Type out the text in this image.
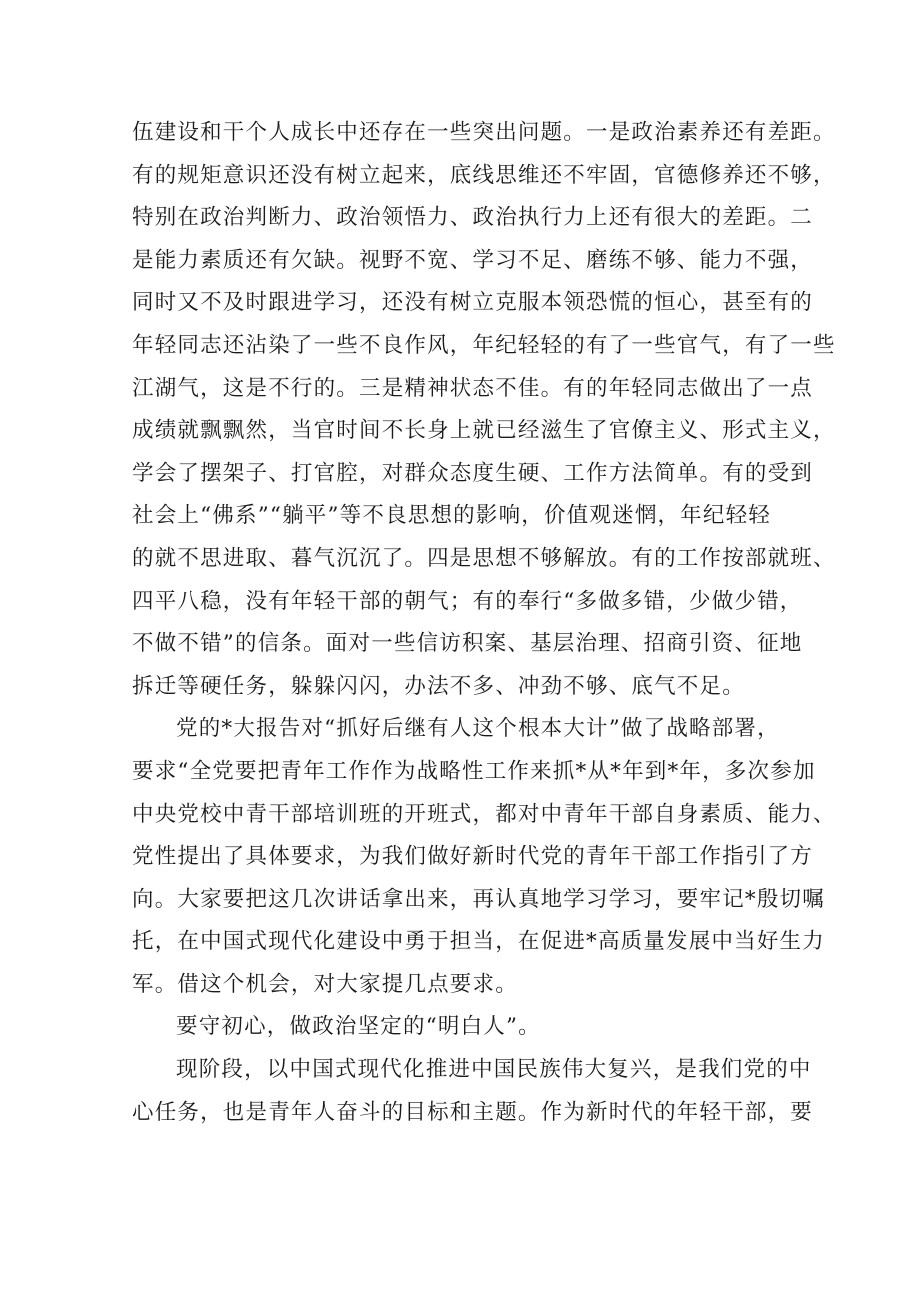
伍建设和干个人成长中还存在一些突出问题。一是政治素养还有差距。
有的规矩意识还没有树立起来，底线思维还不牢固，官德修养还不够，
特别在政治判断力、政治领悟力、政治执行力上还有很大的差距。二
是能力素质还有欠缺。视野不宽、学习不足、磨练不够、能力不强，
同时又不及时跟进学习，还没有树立克服本领恐慌的恒心，甚至有的
年轻同志还沾染了一些不良作风，年纪轻轻的有了一些官气，有了一些
江湖气，这是不行的。三是精神状态不佳。有的年轻同志做出了一点
成绩就飘飘然，当官时间不长身上就已经滋生了官僚主义、形式主义，
学会了摆架子、打官腔，对群众态度生硬、工作方法简单。有的受到
社会上“佛系”“躺平”等不良思想的影响，价值观迷惘，年纪轻轻
的就不思进取、暮气沉沉了。四是思想不够解放。有的工作按部就班、
四平八稳，没有年轻干部的朝气；有的奉行“多做多错，少做少错，
不做不错”的信条。面对一些信访积案、基层治理、招商引资、征地
拆迁等硬任务，躲躲闪闪，办法不多、冲劲不够、底气不足。
党的*大报告对“抓好后继有人这个根本大计”做了战略部署，
要求“全党要把青年工作作为战略性工作来抓*从*年到*年，多次参加
中央党校中青干部培训班的开班式，都对中青年干部自身素质、能力、
党性提出了具体要求，为我们做好新时代党的青年干部工作指引了方
向。大家要把这几次讲话拿出来，再认真地学习学习，要牢记*殷切嘱
托，在中国式现代化建设中勇于担当，在促进*高质量发展中当好生力
军。借这个机会，对大家提几点要求。
要守初心，做政治坚定的“明白人”。
现阶段，以中国式现代化推进中国民族伟大复兴，是我们党的中
心任务，也是青年人奋斗的目标和主题。作为新时代的年轻干部，要
